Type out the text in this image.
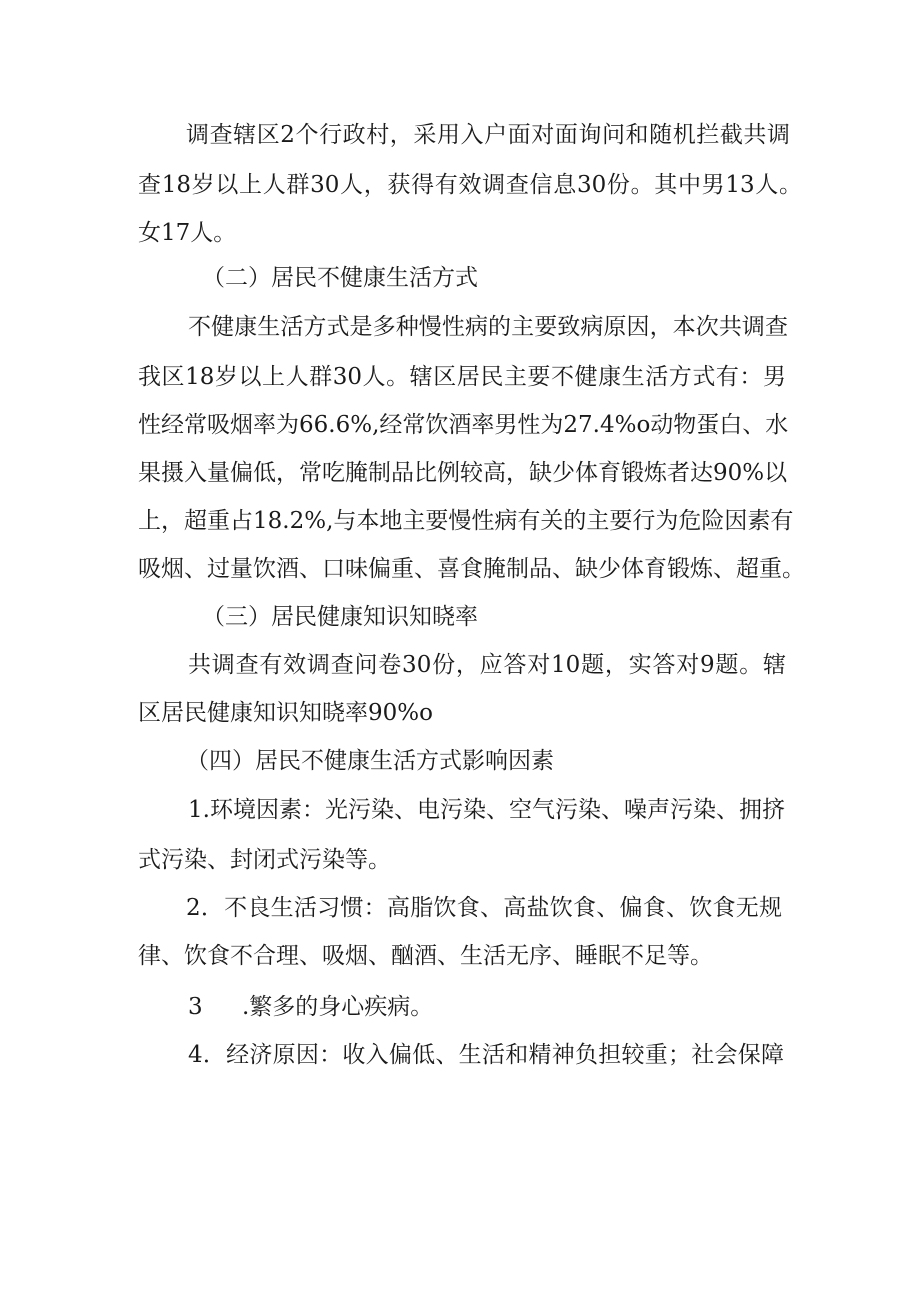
调查辖区2个行政村，采用入户面对面询问和随机拦截共调

查18岁以上人群30人，获得有效调查信息30份。其中男13人。

女17人。

（二）居民不健康生活方式

不健康生活方式是多种慢性病的主要致病原因，本次共调查

我区18岁以上人群30人。辖区居民主要不健康生活方式有：男

性经常吸烟率为66.6%,经常饮酒率男性为27.4%o动物蛋白、水

果摄入量偏低，常吃腌制品比例较高，缺少体育锻炼者达90%以

上，超重占18.2%,与本地主要慢性病有关的主要行为危险因素有

吸烟、过量饮酒、口味偏重、喜食腌制品、缺少体育锻炼、超重。

（三）居民健康知识知晓率

共调查有效调查问卷30份，应答对10题，实答对9题。辖

区居民健康知识知晓率90%o

（四）居民不健康生活方式影响因素

1.环境因素：光污染、电污染、空气污染、噪声污染、拥挤

式污染、封闭式污染等。

2．不良生活习惯：高脂饮食、高盐饮食、偏食、饮食无规

律、饮食不合理、吸烟、酗酒、生活无序、睡眠不足等。

3 .繁多的身心疾病。

4．经济原因：收入偏低、生活和精神负担较重；社会保障
